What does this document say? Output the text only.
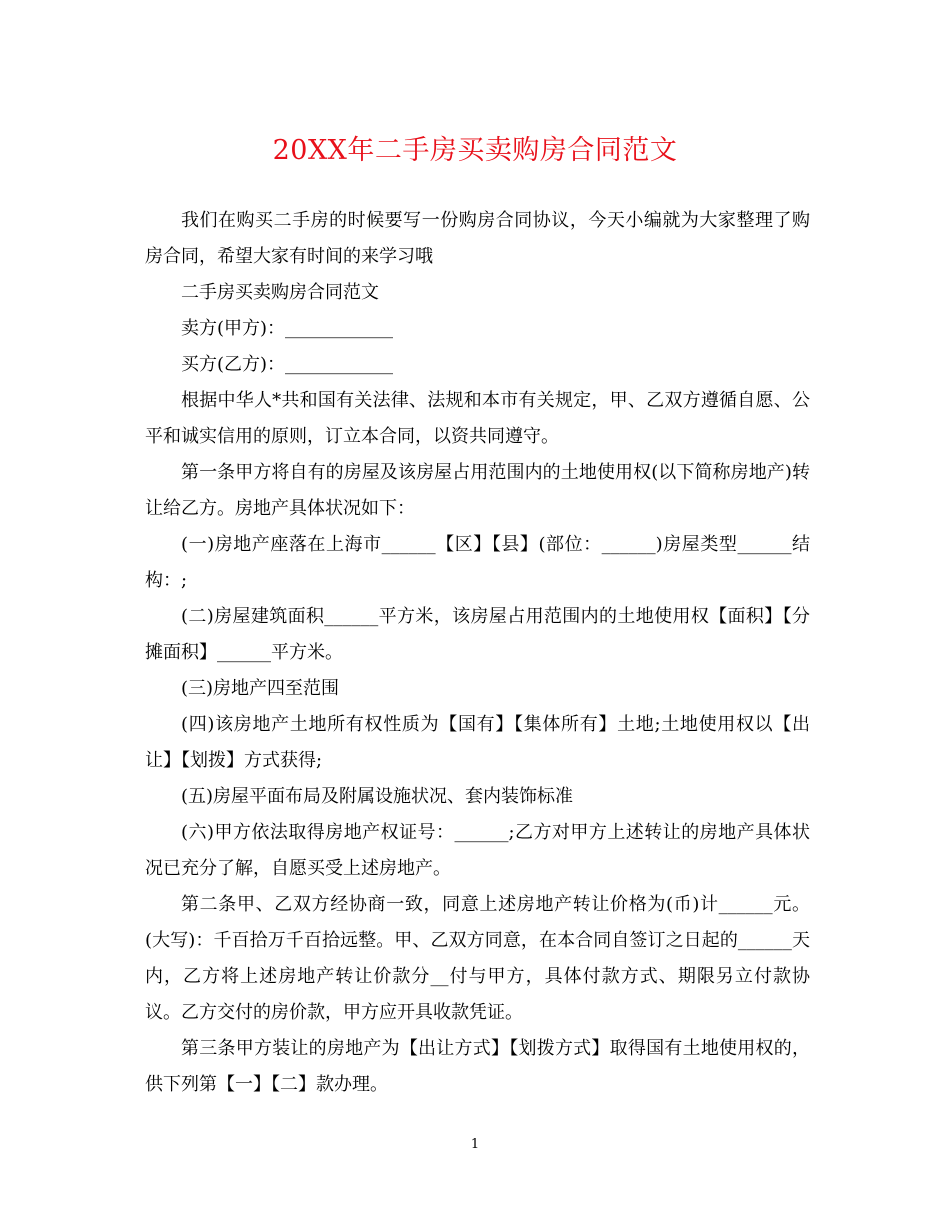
20XX年二手房买卖购房合同范文

我们在购买二手房的时候要写一份购房合同协议，今天小编就为大家整理了购房合同，希望大家有时间的来学习哦

二手房买卖购房合同范文

卖方(甲方)：____________

买方(乙方)：____________

根据中华人*共和国有关法律、法规和本市有关规定，甲、乙双方遵循自愿、公平和诚实信用的原则，订立本合同，以资共同遵守。

第一条甲方将自有的房屋及该房屋占用范围内的土地使用权(以下简称房地产)转让给乙方。房地产具体状况如下：

(一)房地产座落在上海市______【区】【县】(部位：______)房屋类型______结构：;

(二)房屋建筑面积______平方米，该房屋占用范围内的土地使用权【面积】【分摊面积】______平方米。

(三)房地产四至范围

(四)该房地产土地所有权性质为【国有】【集体所有】土地;土地使用权以【出让】【划拨】方式获得;

(五)房屋平面布局及附属设施状况、套内装饰标准

(六)甲方依法取得房地产权证号：______;乙方对甲方上述转让的房地产具体状况已充分了解，自愿买受上述房地产。

第二条甲、乙双方经协商一致，同意上述房地产转让价格为(币)计______元。(大写)：千百拾万千百拾远整。甲、乙双方同意，在本合同自签订之日起的______天内，乙方将上述房地产转让价款分__付与甲方，具体付款方式、期限另立付款协议。乙方交付的房价款，甲方应开具收款凭证。

第三条甲方装让的房地产为【出让方式】【划拨方式】取得国有土地使用权的，供下列第【一】【二】款办理。

1
